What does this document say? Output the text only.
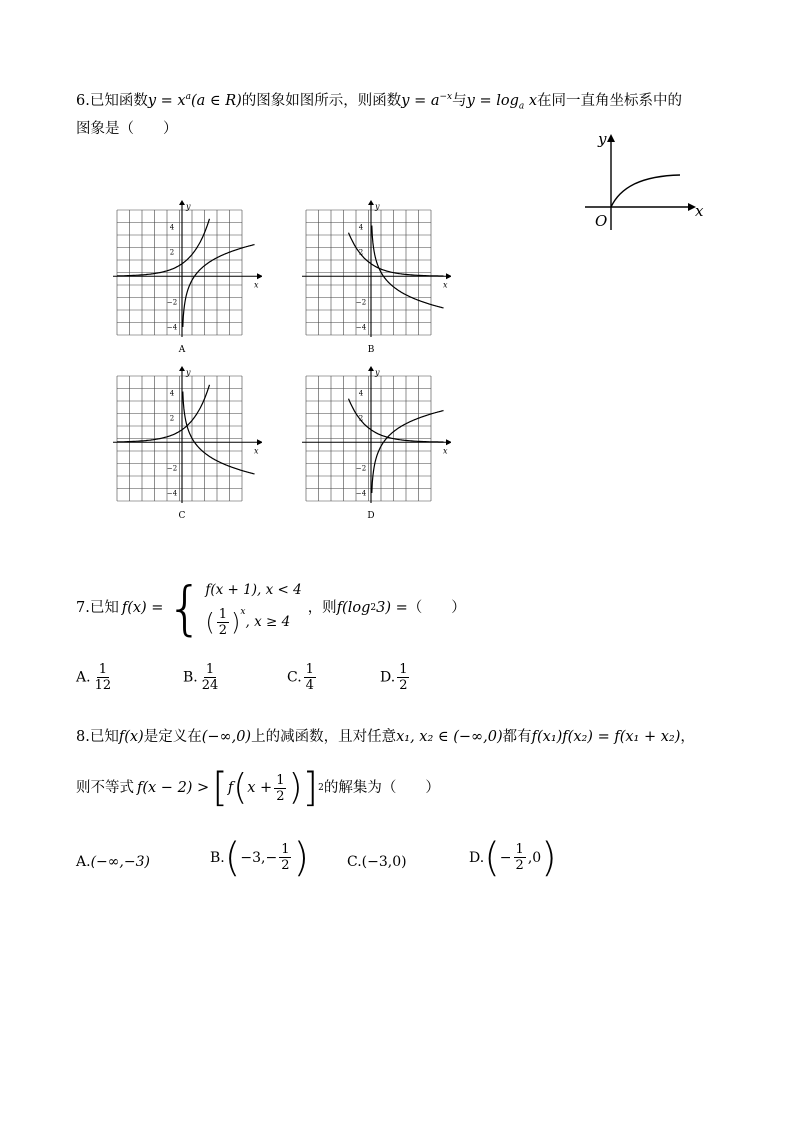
6.已知函数$y = x^a(a$ ∈ R)的图象如图所示，则函数$y = a^{-x}$与$y = \log_a x$在同一直角坐标系中的
图象是（　　）
y
x
O
4
2
−2
−4
x
y
A
4
2
−2
−4
x
y
B
4
2
−2
−4
x
y
C
4
2
−2
−4
x
y
D
7. 已知 f(x) = { f(x + 1), x < 4
( $\frac{1}{2} )^x$, x ≥ 4
，则 f(log 2 3) = （　　）
A. $\frac{1}{12}$	B. $\frac{1}{24}$	C. $\frac{1}{4}$	D. $\frac{1}{2}$
8.已知f(x)是定义在(−∞,0)上的减函数，且对任意x₁, x₂ ∈ (−∞,0)都有f(x₁)f(x₂) = f(x₁ + x₂)，
则不等式 f(x − 2) > [ f ( $x + \frac{1}{2}$ ) ] 2 的解集为（　　）
A.(−∞,−3)	B. ( $-3,- \frac{1}{2}$ )	C.(−3,0)	D. ( − $\frac{1}{2} ,0$ )
